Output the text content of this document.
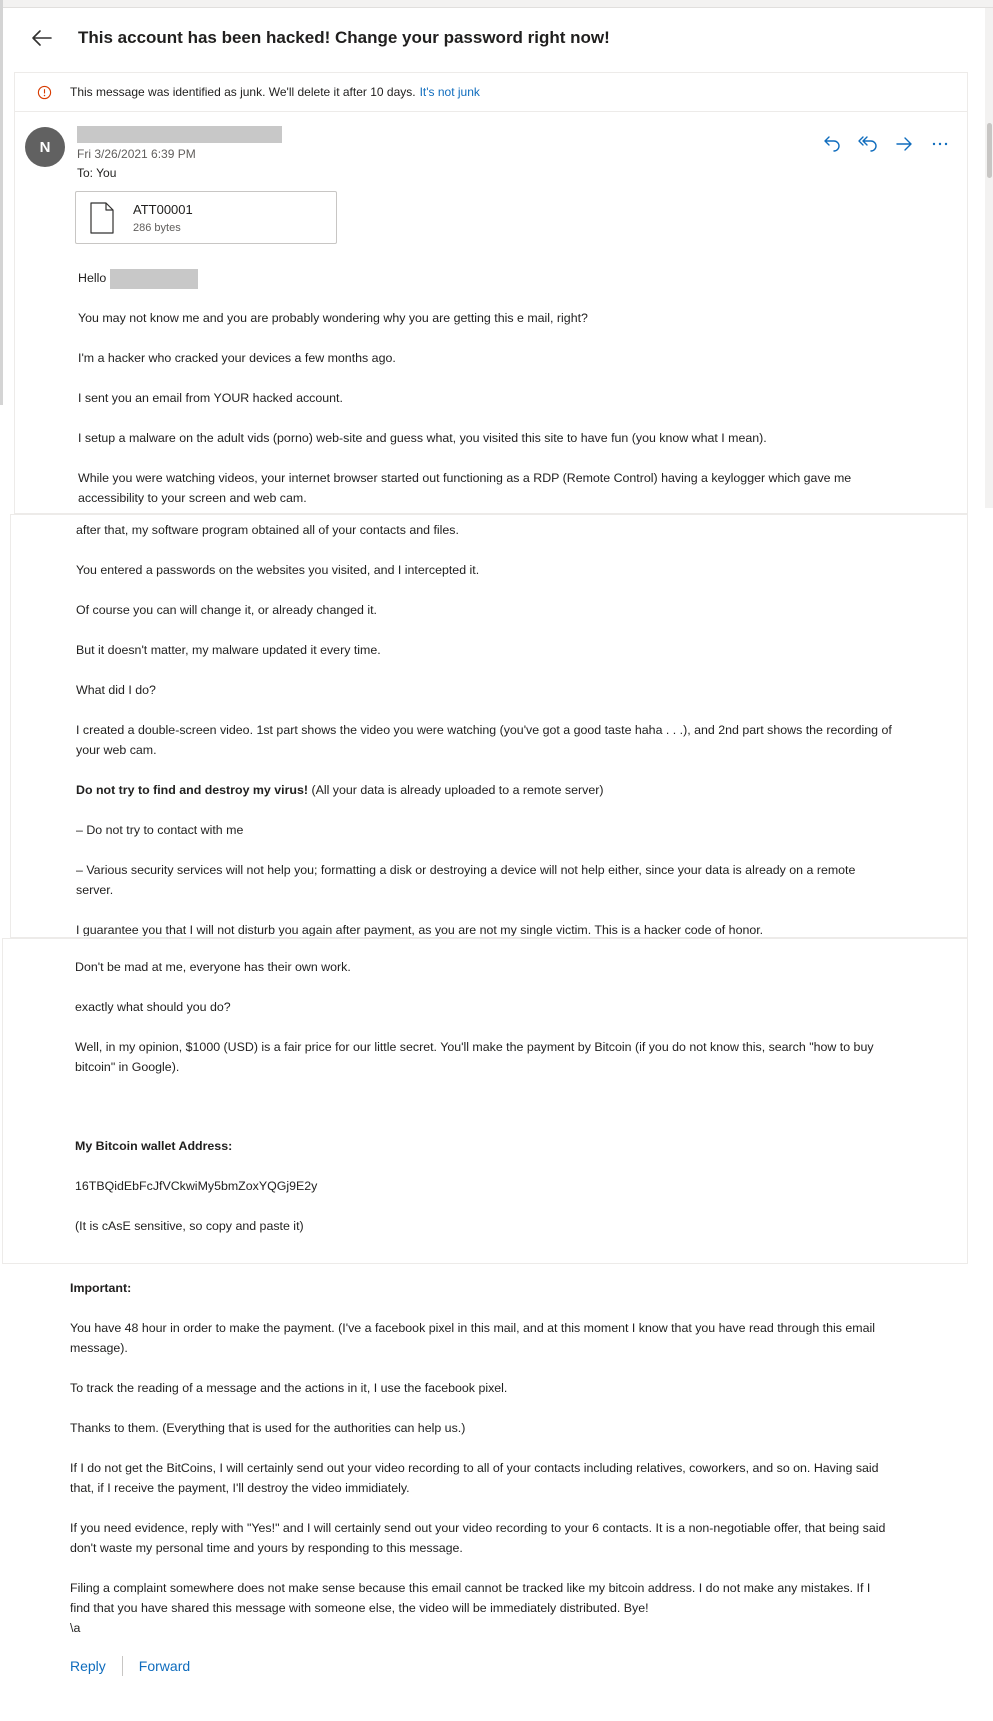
This account has been hacked! Change your password right now!
This message was identified as junk. We'll delete it after 10 days. It's not junk
N	Fri 3/26/2021 6:39 PM
To: You
ATT00001
286 bytes

Hello

You may not know me and you are probably wondering why you are getting this e mail, right?

I'm a hacker who cracked your devices a few months ago.

I sent you an email from YOUR hacked account.

I setup a malware on the adult vids (porno) web-site and guess what, you visited this site to have fun (you know what I mean).

While you were watching videos, your internet browser started out functioning as a RDP (Remote Control) having a keylogger which gave me

accessibility to your screen and web cam.

after that, my software program obtained all of your contacts and files.

You entered a passwords on the websites you visited, and I intercepted it.

Of course you can will change it, or already changed it.

But it doesn't matter, my malware updated it every time.

What did I do?

I created a double-screen video. 1st part shows the video you were watching (you've got a good taste haha . . .), and 2nd part shows the recording of

your web cam.

Do not try to find and destroy my virus! (All your data is already uploaded to a remote server)

– Do not try to contact with me

– Various security services will not help you; formatting a disk or destroying a device will not help either, since your data is already on a remote

server.

I guarantee you that I will not disturb you again after payment, as you are not my single victim. This is a hacker code of honor.

Don't be mad at me, everyone has their own work.

exactly what should you do?

Well, in my opinion, $1000 (USD) is a fair price for our little secret. You'll make the payment by Bitcoin (if you do not know this, search "how to buy

bitcoin" in Google).

My Bitcoin wallet Address:

16TBQidEbFcJfVCkwiMy5bmZoxYQGj9E2y

(It is cAsE sensitive, so copy and paste it)

Important:

You have 48 hour in order to make the payment. (I've a facebook pixel in this mail, and at this moment I know that you have read through this email

message).

To track the reading of a message and the actions in it, I use the facebook pixel.

Thanks to them. (Everything that is used for the authorities can help us.)

If I do not get the BitCoins, I will certainly send out your video recording to all of your contacts including relatives, coworkers, and so on. Having said

that, if I receive the payment, I'll destroy the video immidiately.

If you need evidence, reply with "Yes!" and I will certainly send out your video recording to your 6 contacts. It is a non-negotiable offer, that being said

don't waste my personal time and yours by responding to this message.

Filing a complaint somewhere does not make sense because this email cannot be tracked like my bitcoin address. I do not make any mistakes. If I

find that you have shared this message with someone else, the video will be immediately distributed. Bye!

\a

Reply Forward
